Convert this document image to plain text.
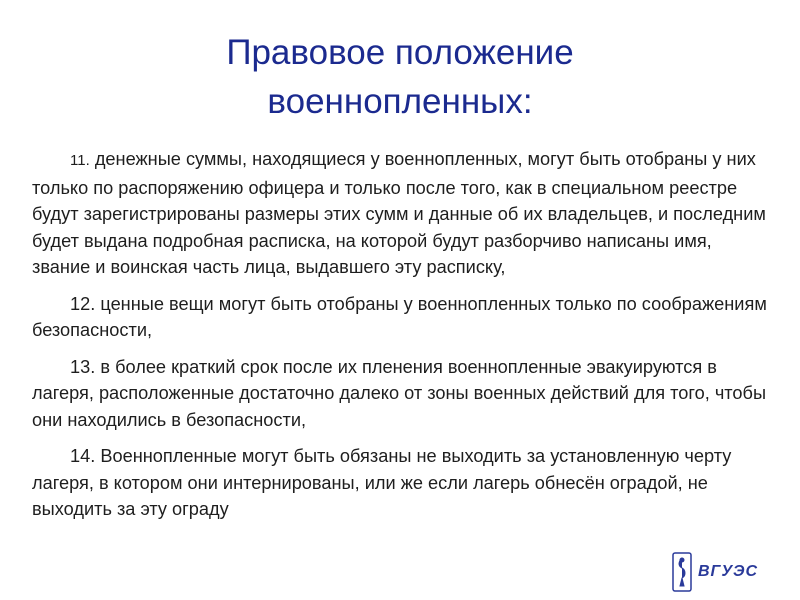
Правовое положение
военнопленных:

11. денежные суммы, находящиеся у военнопленных, могут быть отобраны у них только по распоряжению офицера и только после того, как в специальном реестре будут зарегистрированы размеры этих сумм и данные об их владельцев, и последним будет выдана подробная расписка, на которой будут разборчиво написаны имя, звание и воинская часть лица, выдавшего эту расписку,

12. ценные вещи могут быть отобраны у военнопленных только по соображениям безопасности,

13. в более краткий срок после их пленения военнопленные эвакуируются в лагеря, расположенные достаточно далеко от зоны военных действий для того, чтобы они находились в безопасности,

14. Военнопленные могут быть обязаны не выходить за установленную черту лагеря, в котором они интернированы, или же если лагерь обнесён оградой, не выходить за эту ограду

ВГУЭС
